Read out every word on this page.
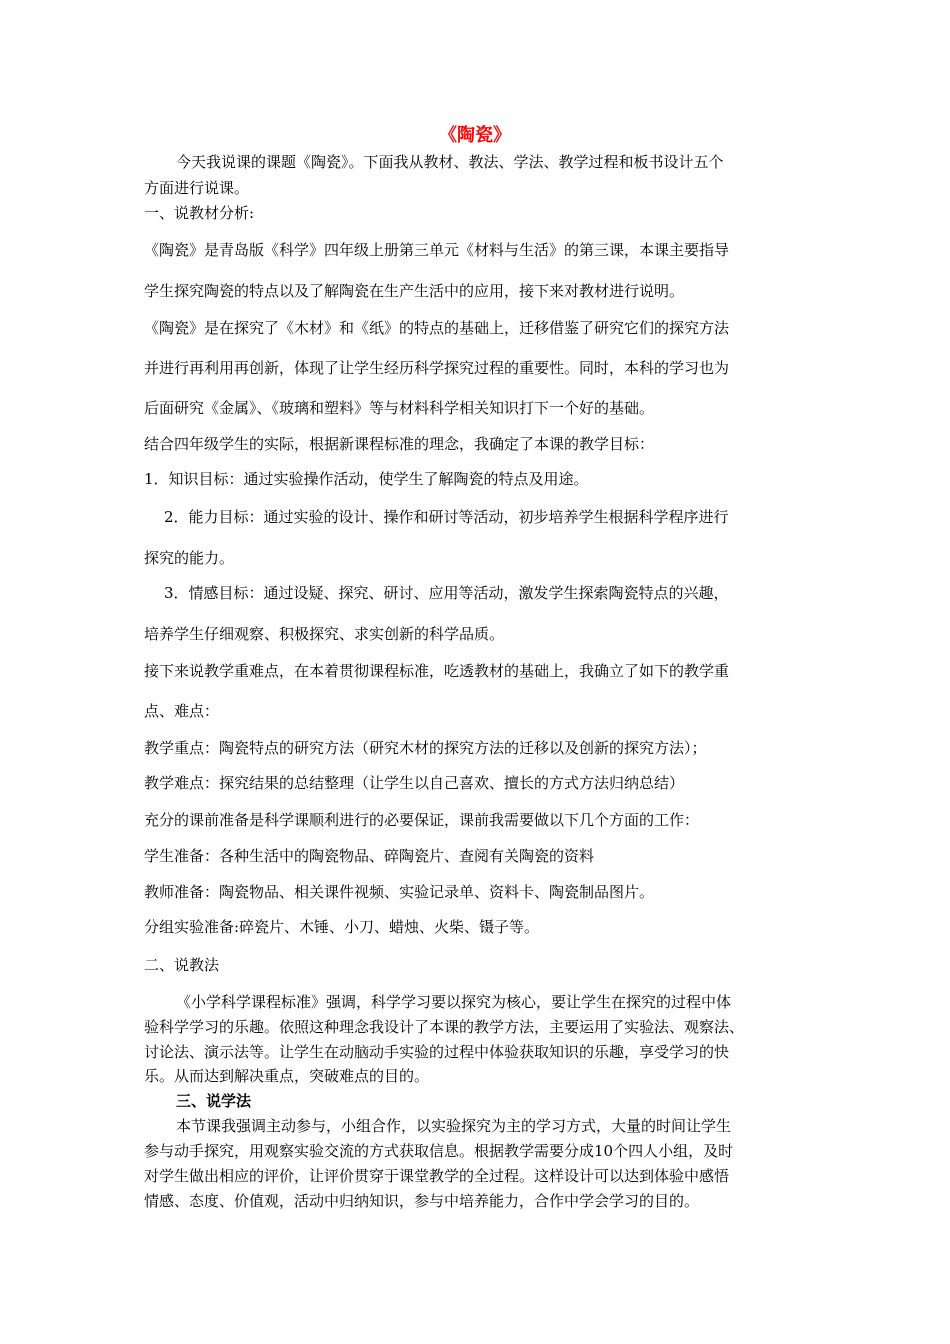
《陶瓷》
今天我说课的课题《陶瓷》。下面我从教材、教法、学法、教学过程和板书设计五个
方面进行说课。
一、说教材分析:
《陶瓷》是青岛版《科学》四年级上册第三单元《材料与生活》的第三课，本课主要指导
学生探究陶瓷的特点以及了解陶瓷在生产生活中的应用，接下来对教材进行说明。
《陶瓷》是在探究了《木材》和《纸》的特点的基础上，迁移借鉴了研究它们的探究方法
并进行再利用再创新，体现了让学生经历科学探究过程的重要性。同时，本科的学习也为
后面研究《金属》、《玻璃和塑料》等与材料科学相关知识打下一个好的基础。
结合四年级学生的实际，根据新课程标准的理念，我确定了本课的教学目标：
1．知识目标：通过实验操作活动，使学生了解陶瓷的特点及用途。
2．能力目标：通过实验的设计、操作和研讨等活动，初步培养学生根据科学程序进行
探究的能力。
3．情感目标：通过设疑、探究、研讨、应用等活动，激发学生探索陶瓷特点的兴趣，
培养学生仔细观察、积极探究、求实创新的科学品质。
接下来说教学重难点，在本着贯彻课程标准，吃透教材的基础上，我确立了如下的教学重
点、难点：
教学重点：陶瓷特点的研究方法（研究木材的探究方法的迁移以及创新的探究方法）；
教学难点：探究结果的总结整理（让学生以自己喜欢、擅长的方式方法归纳总结）
充分的课前准备是科学课顺利进行的必要保证，课前我需要做以下几个方面的工作：
学生准备：各种生活中的陶瓷物品、碎陶瓷片、查阅有关陶瓷的资料
教师准备：陶瓷物品、相关课件视频、实验记录单、资料卡、陶瓷制品图片。
分组实验准备:碎瓷片、木锤、小刀、蜡烛、火柴、镊子等。
二、说教法
《小学科学课程标准》强调，科学学习要以探究为核心，要让学生在探究的过程中体
验科学学习的乐趣。依照这种理念我设计了本课的教学方法，主要运用了实验法、观察法、
讨论法、演示法等。让学生在动脑动手实验的过程中体验获取知识的乐趣，享受学习的快
乐。从而达到解决重点，突破难点的目的。
三、说学法
本节课我强调主动参与，小组合作，以实验探究为主的学习方式，大量的时间让学生
参与动手探究，用观察实验交流的方式获取信息。根据教学需要分成10个四人小组，及时
对学生做出相应的评价，让评价贯穿于课堂教学的全过程。这样设计可以达到体验中感悟
情感、态度、价值观，活动中归纳知识，参与中培养能力，合作中学会学习的目的。
